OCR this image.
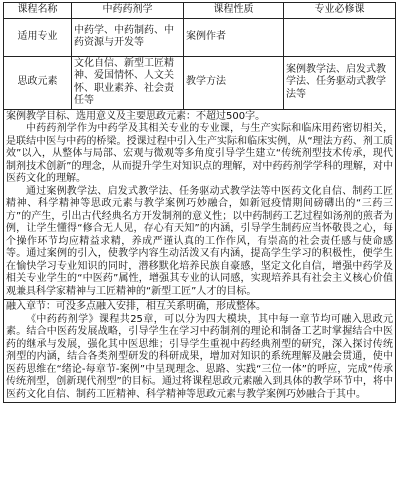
课程名称	中药药剂学	课程性质	专业必修课
适用专业	中药学、中药制药、中药资源与开发等	案例作者	
思政元素	文化自信、新型工匠精神、爱国情怀、人文关怀、职业素养、社会责任等	教学方法	案例教学法、启发式教学法、任务驱动式教学法等

案例教学目标、选用意义及主要思政元素：不超过500字。

中药药剂学作为中药学及其相关专业的专业课，与生产实际和临床用药密切相关，是联结中医与中药的桥梁。授课过程中引入生产实际和临床实例，从“理法方药、剂工质效”以入，从整体与局部、宏观与微观等多角度引导学生建立“传统剂型技术传承，现代制剂技术创新”的理念，从而提升学生对知识点的理解，对中药药剂学学科的理解，对中医药文化的理解。

通过案例教学法、启发式教学法、任务驱动式教学法等中医药文化自信、制药工匠精神、科学精神等思政元素与教学案例巧妙融合，如新冠疫情期间磅礴出的“三药三方”的产生，引出古代经典名方开发制剂的意义性；以中药制药工艺过程如汤剂的煎者为例，让学生懂得“修合无人见，存心有天知”的内涵，引导学生制药应当怀敬畏之心，每个操作环节均应精益求精，养成严谨认真的工作作风，有崇高的社会责任感与使命感等。通过案例的引入，使教学内容生动活泼又有内涵，提高学生学习的积极性，便学生在愉快学习专业知识的同时，潜移默化培养民族自豪感，坚定文化自信，增强中药学及相关专业学生的“中医药”属性，增强其专业的认同感，实现培养具有社会主义核心价值观兼具科学家精神与工匠精神的“新型工匠”人才的目标。			

融入章节：可没多点融入安排，相互关系明确，形成整体。

《中药药剂学》课程共25章，可以分为四大模块，其中每一章节均可融入思政元素。结合中医药发展战略，引导学生在学习中药制剂的理论和制备工艺时掌握结合中医药的继承与发展，强化其中医思维；引导学生重视中药经典剂型的研究，深入探讨传统剂型的内涵，结合各类剂型研发的科研成果，增加对知识的系统理解及融会贯通，使中医药思维在“绪论-每章节-案例”中呈现理念、思路、实践“三位一体”的呼应，完成“传承传统剂型，创新现代剂型”的目标。通过将课程思政元素融入到具体的教学环节中，将中医药文化自信、制药工匠精神、科学精神等思政元素与教学案例巧妙融合于其中。			
